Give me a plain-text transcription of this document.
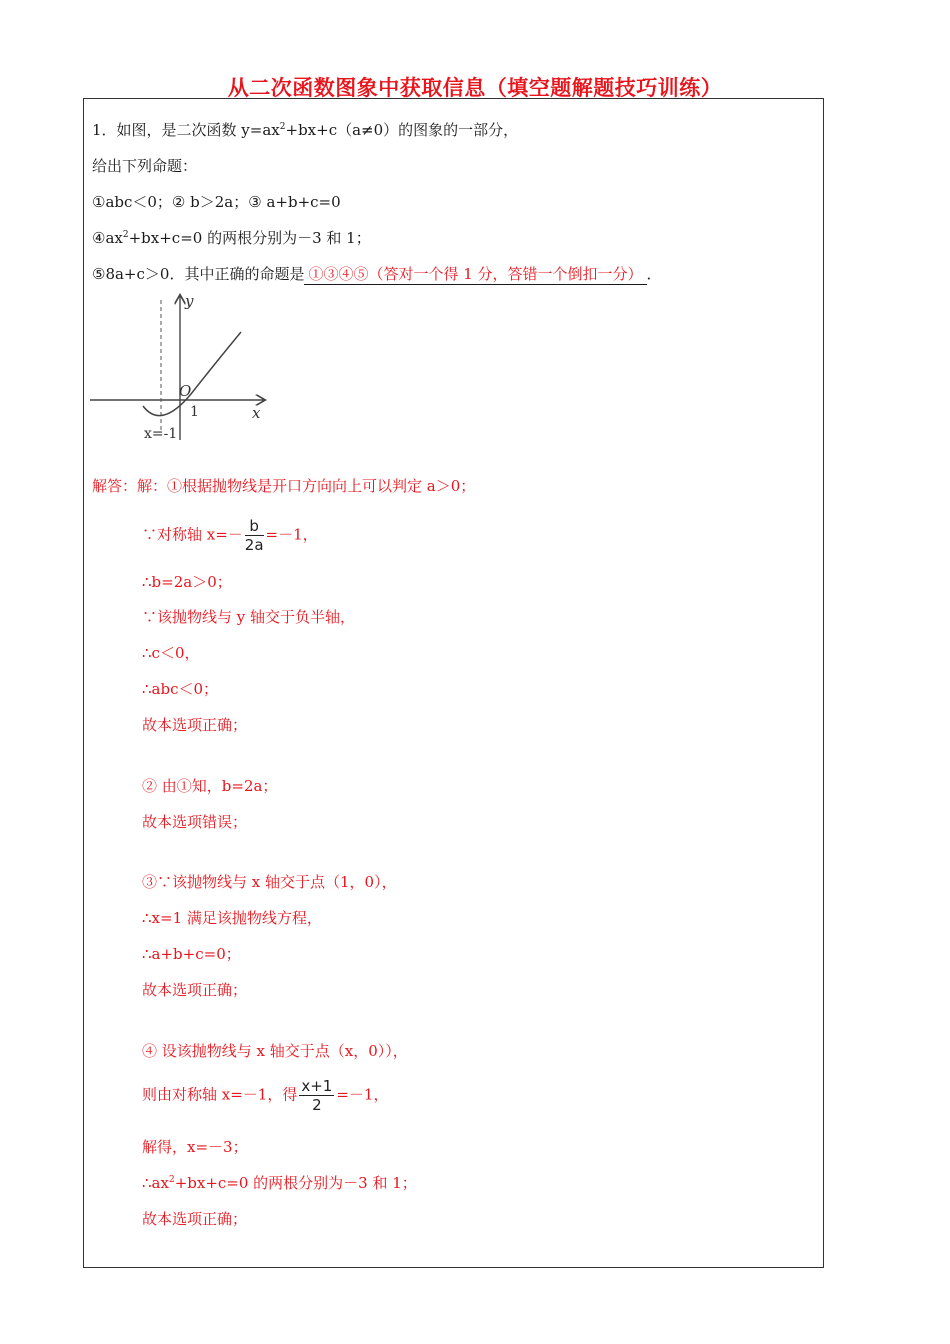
从二次函数图象中获取信息（填空题解题技巧训练）
1．如图，是二次函数 $y=ax^2+bx+c(a\ne 0)$的图象的一部分，
给出下列命题：
①abc＜0；② b＞2a；③ a+b+c=0
$④ax^2+bx+c=0$ 的两根分别为－3 和 1；
⑤8a+c＞0．其中正确的命题是 ①③④⑤（答对一个得 1 分，答错一个倒扣一分） ．
y
x
O
1
x=-1
解答：解：①根据抛物线是开口方向向上可以判定 a＞0；
∵对称轴 $x=- \frac{b}{2a} =-1$，
∴b=2a＞0；
∵该抛物线与 y 轴交于负半轴，
∴c＜0，
∴abc＜0；
故本选项正确；
② 由①知，b=2a；
故本选项错误；
③∵该抛物线与 x 轴交于点（1，0），
∴x=1 满足该抛物线方程，
∴a+b+c=0；
故本选项正确；
④ 设该抛物线与 x 轴交于点（x，0）），
则由对称轴 x=－1，得 $\frac{x+1}{2} =-1$，
解得，x=－3；
$\therefore ax^2+bx+c=0$ 的两根分别为－3 和 1；
故本选项正确；
